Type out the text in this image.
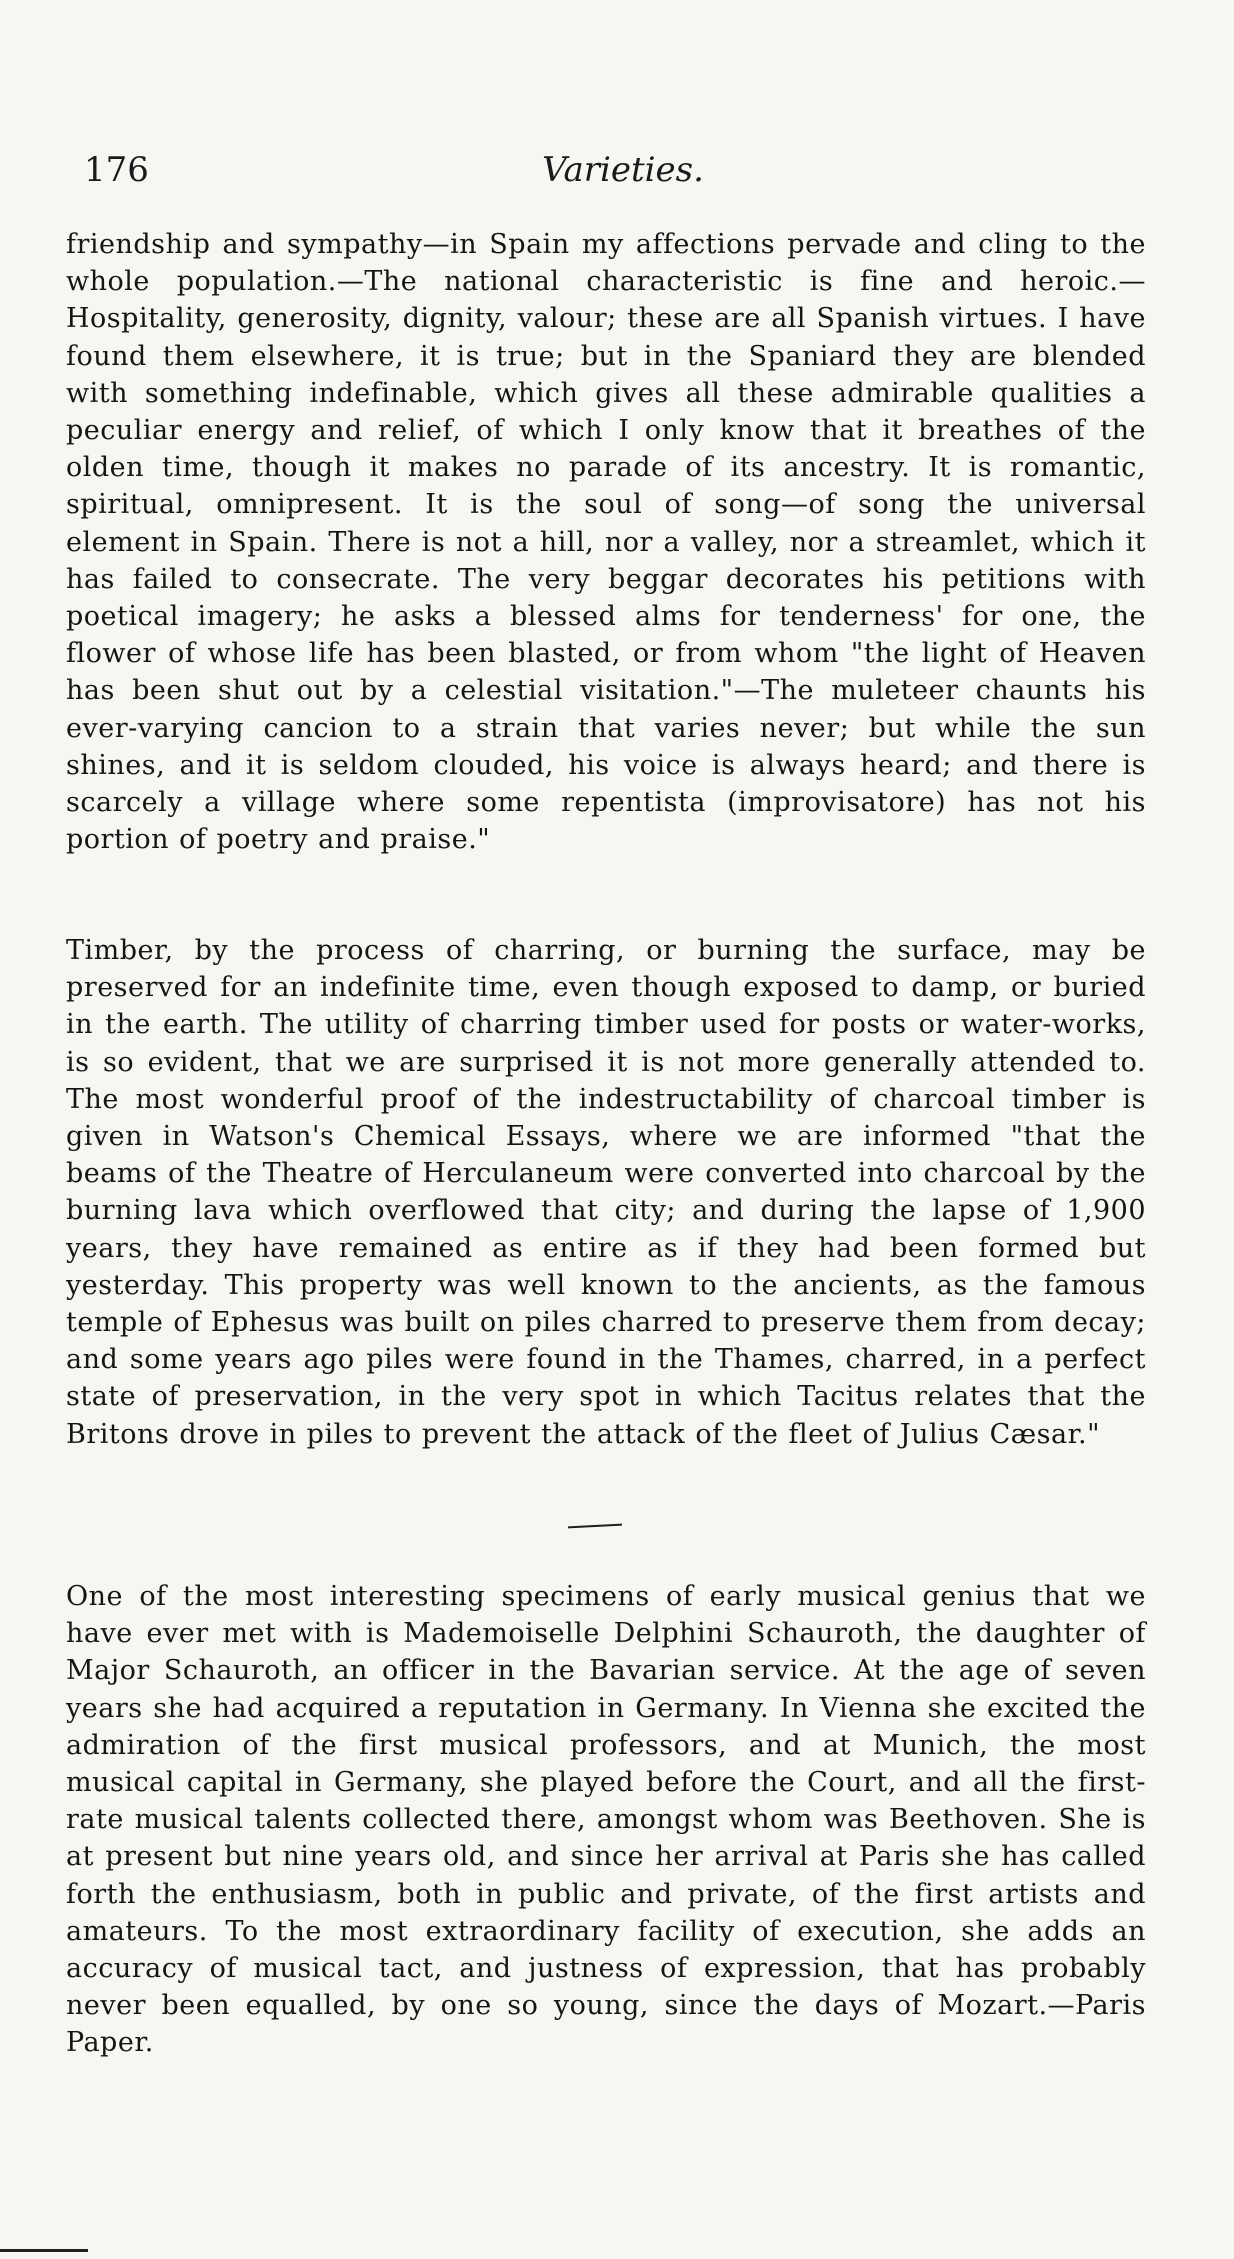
176	Varieties.

friendship and sympathy—in Spain my affections pervade and cling to the whole population.—The national characteristic is fine and heroic.—Hospitality, generosity, dignity, valour; these are all Spanish virtues. I have found them elsewhere, it is true; but in the Spaniard they are blended with something indefinable, which gives all these admirable qualities a peculiar energy and relief, of which I only know that it breathes of the olden time, though it makes no parade of its ancestry. It is romantic, spiritual, omnipresent. It is the soul of song—of song the universal element in Spain. There is not a hill, nor a valley, nor a streamlet, which it has failed to consecrate. The very beggar decorates his petitions with poetical imagery; he asks a blessed alms for tenderness' for one, the flower of whose life has been blasted, or from whom "the light of Heaven has been shut out by a celestial visitation."—The muleteer chaunts his ever-varying cancion to a strain that varies never; but while the sun shines, and it is seldom clouded, his voice is always heard; and there is scarcely a village where some repentista (improvisatore) has not his portion of poetry and praise."

Timber, by the process of charring, or burning the surface, may be preserved for an indefinite time, even though exposed to damp, or buried in the earth. The utility of charring timber used for posts or water-works, is so evident, that we are surprised it is not more generally attended to. The most wonderful proof of the indestructability of charcoal timber is given in Watson's Chemical Essays, where we are informed "that the beams of the Theatre of Herculaneum were converted into charcoal by the burning lava which overflowed that city; and during the lapse of 1,900 years, they have remained as entire as if they had been formed but yesterday. This property was well known to the ancients, as the famous temple of Ephesus was built on piles charred to preserve them from decay; and some years ago piles were found in the Thames, charred, in a perfect state of preservation, in the very spot in which Tacitus relates that the Britons drove in piles to prevent the attack of the fleet of Julius Cæsar."

One of the most interesting specimens of early musical genius that we have ever met with is Mademoiselle Delphini Schauroth, the daughter of Major Schauroth, an officer in the Bavarian service. At the age of seven years she had acquired a reputation in Germany. In Vienna she excited the admiration of the first musical professors, and at Munich, the most musical capital in Germany, she played before the Court, and all the first-rate musical talents collected there, amongst whom was Beethoven. She is at present but nine years old, and since her arrival at Paris she has called forth the enthusiasm, both in public and private, of the first artists and amateurs. To the most extraordinary facility of execution, she adds an accuracy of musical tact, and justness of expression, that has probably never been equalled, by one so young, since the days of Mozart.—Paris Paper.
